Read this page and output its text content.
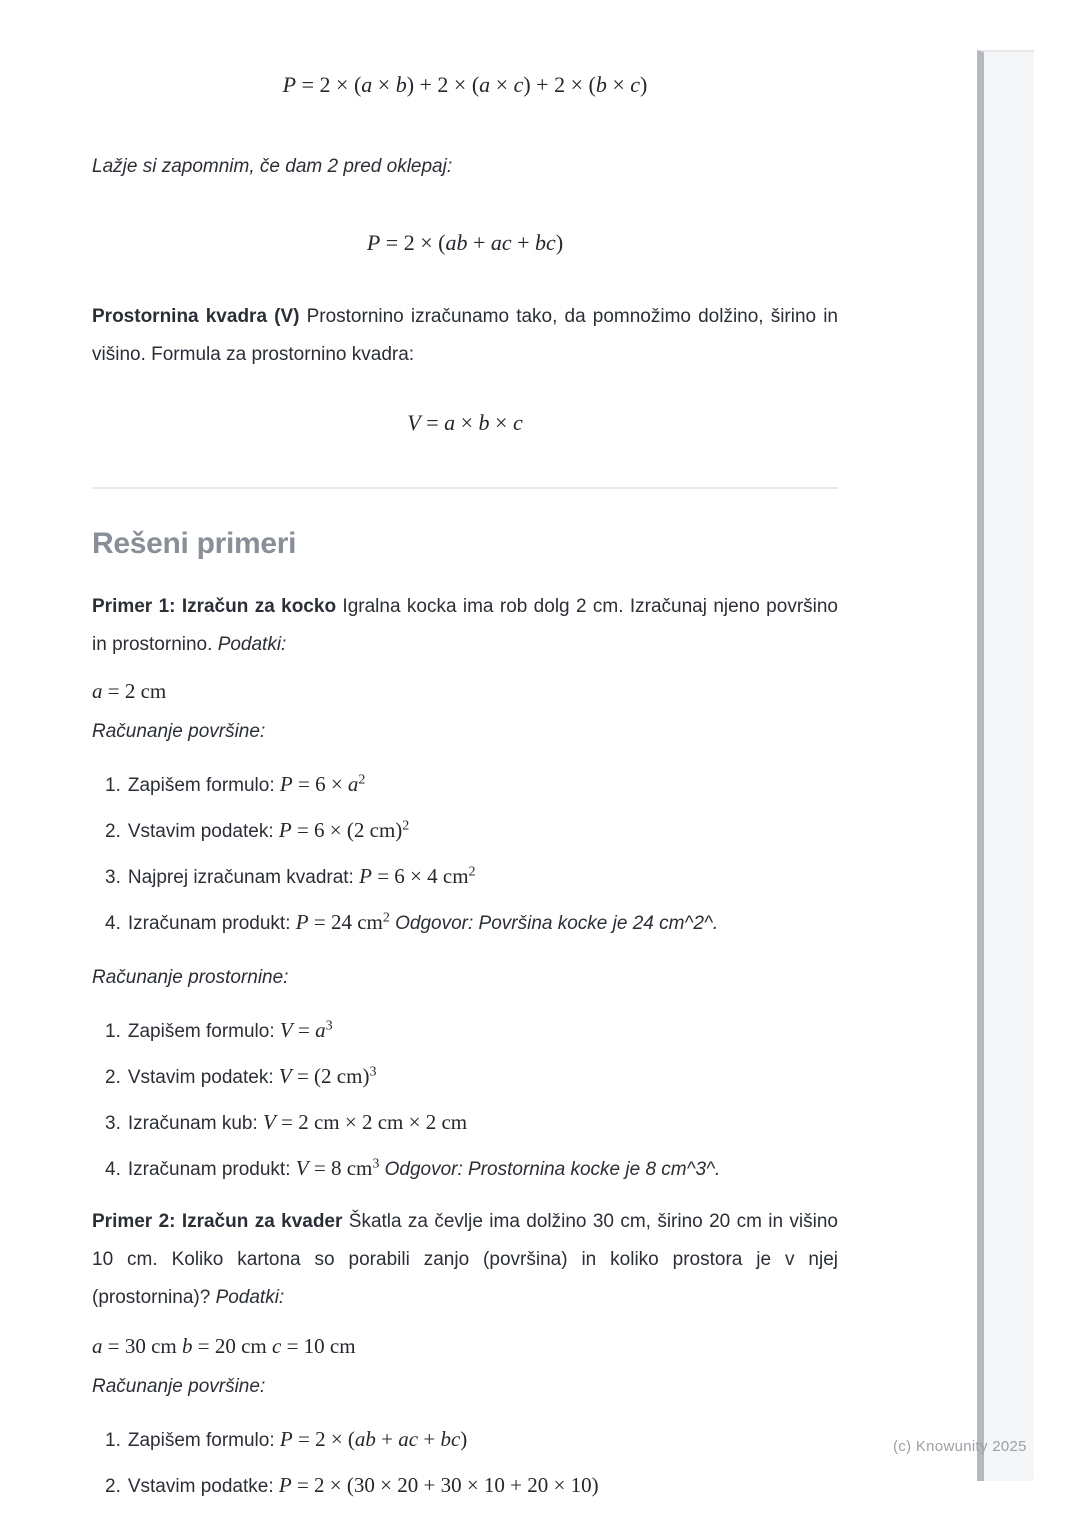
P = 2 × (a × b) + 2 × (a × c) + 2 × (b × c)

Lažje si zapomnim, če dam 2 pred oklepaj:

P = 2 × (ab + ac + bc)

Prostornina kvadra (V) Prostornino izračunamo tako, da pomnožimo dolžino, širino in višino. Formula za prostornino kvadra:

V = a × b × c
Rešeni primeri

Primer 1: Izračun za kocko Igralna kocka ima rob dolg 2 cm. Izračunaj njeno površino in prostornino. Podatki:

a = 2 cm

Računanje površine:

1. Zapišem formulo: $P = 6 \times a^2$
2. Vstavim podatek: P = 6 × (2 cm)$^2$
3. Najprej izračunam kvadrat: P = 6 × 4 $cm^2$
4. Izračunam produkt: P = 24 $cm^2$ Odgovor: Površina kocke je 24 cm^2^.

Računanje prostornine:

1. Zapišem formulo: $V = a^3$
2. Vstavim podatek: V = (2 cm)$^3$
3. Izračunam kub: V = 2 cm × 2 cm × 2 cm
4. Izračunam produkt: V = 8 $cm^3$ Odgovor: Prostornina kocke je 8 cm^3^.

Primer 2: Izračun za kvader Škatla za čevlje ima dolžino 30 cm, širino 20 cm in višino 10 cm. Koliko kartona so porabili zanjo (površina) in koliko prostora je v njej (prostornina)? Podatki:

a = 30 cm b = 20 cm c = 10 cm

Računanje površine:

1. Zapišem formulo: P = 2 × (ab + ac + bc)
2. Vstavim podatke: P = 2 × (30 × 20 + 30 × 10 + 20 × 10)
(c) Knowunity 2025
